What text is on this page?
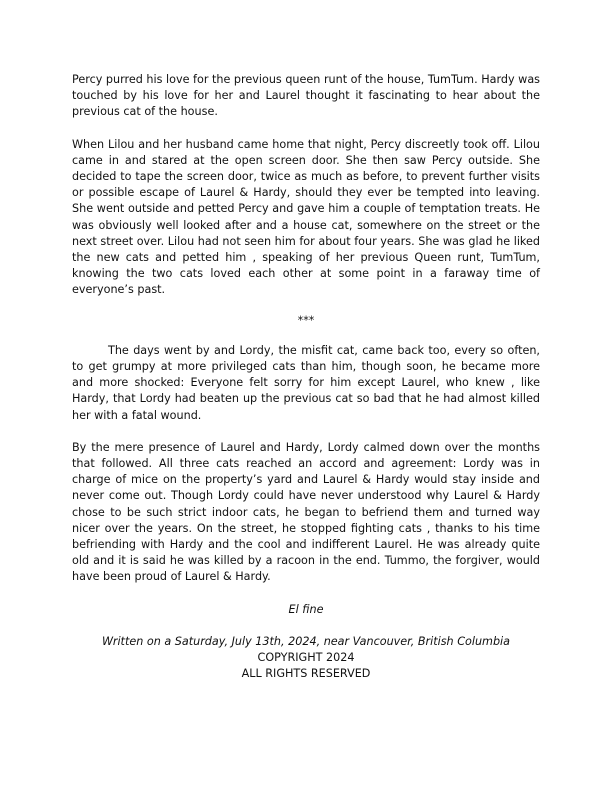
Percy purred his love for the previous queen runt of the house, TumTum. Hardy was touched by his love for her and Laurel thought it fascinating to hear about the previous cat of the house.

When Lilou and her husband came home that night, Percy discreetly took off. Lilou came in and stared at the open screen door. She then saw Percy outside. She decided to tape the screen door, twice as much as before, to prevent further visits or possible escape of Laurel & Hardy, should they ever be tempted into leaving. She went outside and petted Percy and gave him a couple of temptation treats. He was obviously well looked after and a house cat, somewhere on the street or the next street over. Lilou had not seen him for about four years. She was glad he liked the new cats and petted him , speaking of her previous Queen runt, TumTum, knowing the two cats loved each other at some point in a faraway time of everyone’s past.

***

The days went by and Lordy, the misfit cat, came back too, every so often, to get grumpy at more privileged cats than him, though soon, he became more and more shocked: Everyone felt sorry for him except Laurel, who knew , like Hardy, that Lordy had beaten up the previous cat so bad that he had almost killed her with a fatal wound.

By the mere presence of Laurel and Hardy, Lordy calmed down over the months that followed. All three cats reached an accord and agreement: Lordy was in charge of mice on the property’s yard and Laurel & Hardy would stay inside and never come out. Though Lordy could have never understood why Laurel & Hardy chose to be such strict indoor cats, he began to befriend them and turned way nicer over the years. On the street, he stopped fighting cats , thanks to his time befriending with Hardy and the cool and indifferent Laurel. He was already quite old and it is said he was killed by a racoon in the end. Tummo, the forgiver, would have been proud of Laurel & Hardy.

El fine

Written on a Saturday, July 13th, 2024, near Vancouver, British Columbia

COPYRIGHT 2024

ALL RIGHTS RESERVED
